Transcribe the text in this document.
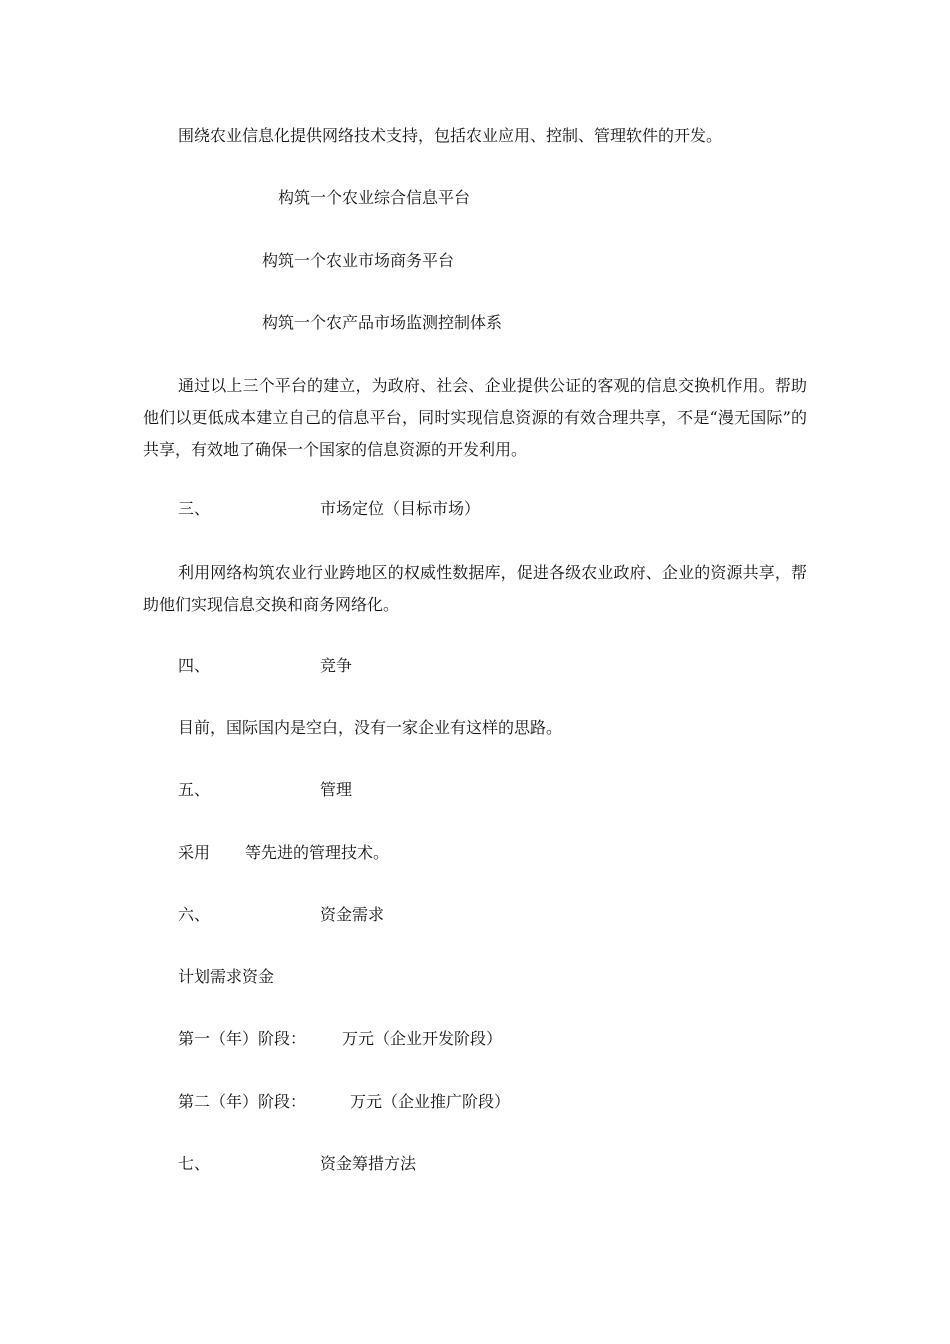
围绕农业信息化提供网络技术支持，包括农业应用、控制、管理软件的开发。

构筑一个农业综合信息平台

构筑一个农业市场商务平台

构筑一个农产品市场监测控制体系

通过以上三个平台的建立，为政府、社会、企业提供公证的客观的信息交换机作用。帮助他们以更低成本建立自己的信息平台，同时实现信息资源的有效合理共享，不是“漫无国际”的共享，有效地了确保一个国家的信息资源的开发利用。

三、	市场定位（目标市场）

利用网络构筑农业行业跨地区的权威性数据库，促进各级农业政府、企业的资源共享，帮助他们实现信息交换和商务网络化。

四、	竞争

目前，国际国内是空白，没有一家企业有这样的思路。

五、	管理
采用 等先进的管理技术。
六、	资金需求

计划需求资金

第一（年）阶段： 万元（企业开发阶段）
第二（年）阶段：	万元（企业推广阶段）
七、	资金筹措方法
